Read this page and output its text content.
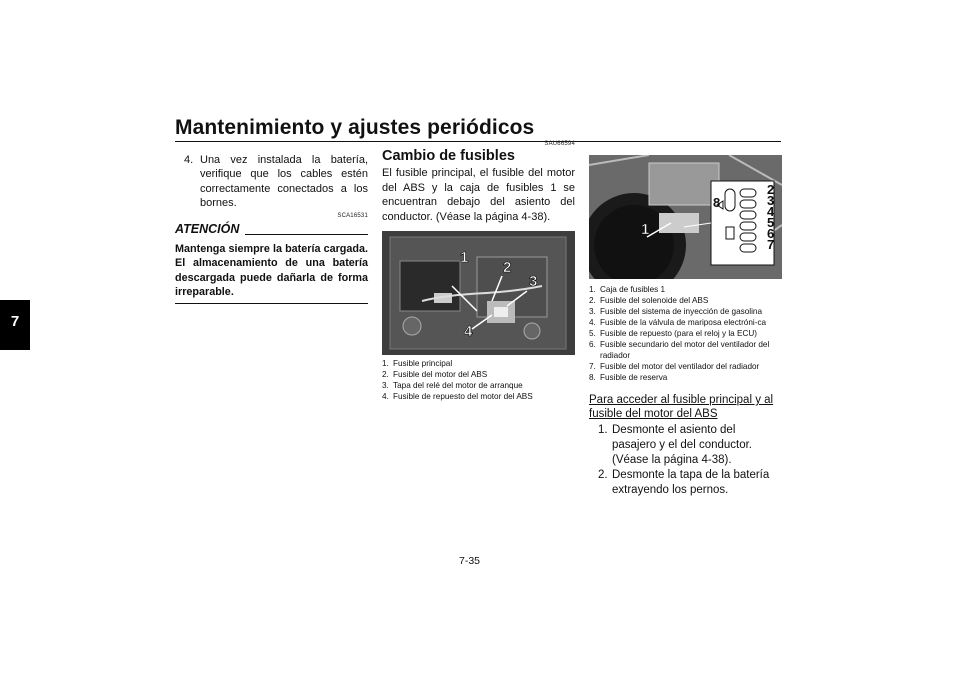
Mantenimiento y ajustes periódicos
7
4. Una vez instalada la batería, verifique que los cables estén correctamente conectados a los bornes.
SCA16531
ATENCIÓN
Mantenga siempre la batería cargada. El almacenamiento de una batería descargada puede dañarla de forma irreparable.
SAU66594
Cambio de fusibles
El fusible principal, el fusible del motor del ABS y la caja de fusibles 1 se encuentran debajo del asiento del conductor. (Véase la página 4-38).
1
2
3
4
1. Fusible principal
2. Fusible del motor del ABS
3. Tapa del relé del motor de arranque
4. Fusible de repuesto del motor del ABS
1
2
3
4
5
6
7
8
1. Caja de fusibles 1
2. Fusible del solenoide del ABS
3. Fusible del sistema de inyección de gasolina
4. Fusible de la válvula de mariposa electróni-ca
5. Fusible de repuesto (para el reloj y la ECU)
6. Fusible secundario del motor del ventilador del radiador
7. Fusible del motor del ventilador del radiador
8. Fusible de reserva
Para acceder al fusible principal y al fusible del motor del ABS
1. Desmonte el asiento del pasajero y el del conductor. (Véase la página 4-38).
2. Desmonte la tapa de la batería extrayendo los pernos.
7-35
